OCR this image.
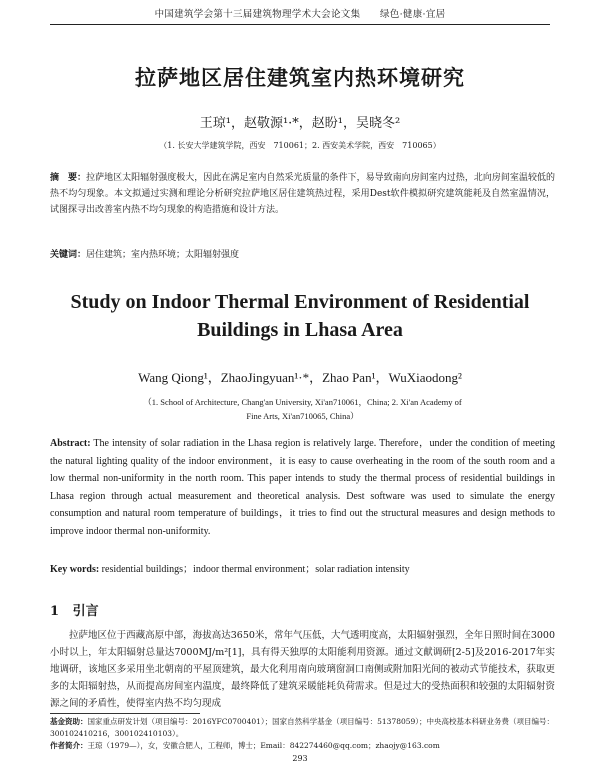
中国建筑学会第十三届建筑物理学术大会论文集　　绿色·健康·宜居
拉萨地区居住建筑室内热环境研究
王琼¹，赵敬源¹·*，赵盼¹，吴晓冬²
（1. 长安大学建筑学院，西安　710061；2. 西安美术学院，西安　710065）
摘　要：拉萨地区太阳辐射强度极大，因此在满足室内自然采光质量的条件下，易导致南向房间室内过热，北向房间室温较低的热不均匀现象。本文拟通过实测和理论分析研究拉萨地区居住建筑热过程，采用Dest软件模拟研究建筑能耗及自然室温情况，试图探寻出改善室内热不均匀现象的构造措施和设计方法。
关键词：居住建筑；室内热环境；太阳辐射强度
Study on Indoor Thermal Environment of Residential
Buildings in Lhasa Area
Wang Qiong¹，ZhaoJingyuan¹·*，Zhao Pan¹，WuXiaodong²
（1. School of Architecture, Chang'an University, Xi'an710061，China; 2. Xi'an Academy of Fine Arts, Xi'an710065, China）
Abstract: The intensity of solar radiation in the Lhasa region is relatively large. Therefore，under the condition of meeting the natural lighting quality of the indoor environment，it is easy to cause overheating in the room of the south room and a low thermal non-uniformity in the north room. This paper intends to study the thermal process of residential buildings in Lhasa region through actual measurement and theoretical analysis. Dest software was used to simulate the energy consumption and natural room temperature of buildings，it tries to find out the structural measures and design methods to improve indoor thermal non-uniformity.
Key words: residential buildings；indoor thermal environment；solar radiation intensity
1 引言
拉萨地区位于西藏高原中部，海拔高达3650米，常年气压低，大气透明度高，太阳辐射强烈，全年日照时间在3000小时以上，年太阳辐射总量达7000MJ/m²[1]，具有得天独厚的太阳能利用资源。通过文献调研[2-5]及2016-2017年实地调研，该地区多采用坐北朝南的平屋顶建筑，最大化利用南向玻璃窗洞口南侧或附加阳光间的被动式节能技术，获取更多的太阳辐射热，从而提高房间室内温度，最终降低了建筑采暖能耗负荷需求。但是过大的受热面积和较强的太阳辐射资源之间的矛盾性，使得室内热不均匀现成
基金资助：国家重点研发计划（项目编号：2016YFC0700401）；国家自然科学基金（项目编号：51378059）；中央高校基本科研业务费（项目编号：300102410216，300102410103）。
作者简介：王琼（1979—），女，安徽合肥人，工程师，博士；Email：842274460@qq.com；zhaojy@163.com
293
